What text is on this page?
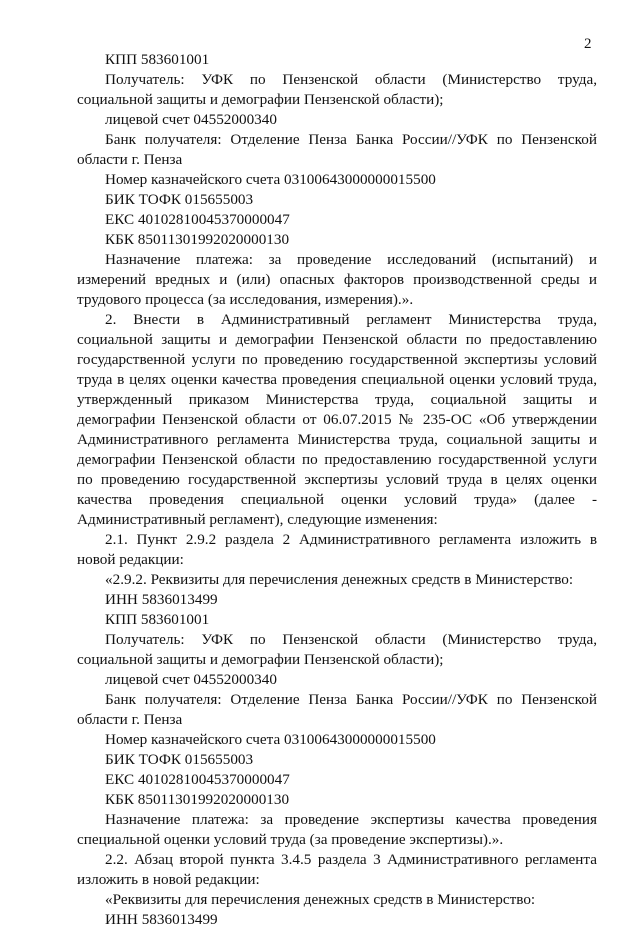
2

КПП 583601001

Получатель: УФК по Пензенской области (Министерство труда, социальной защиты и демографии Пензенской области);

лицевой счет 04552000340

Банк получателя: Отделение Пенза Банка России//УФК по Пензенской области г. Пенза

Номер казначейского счета 03100643000000015500

БИК ТОФК 015655003

ЕКС 40102810045370000047

КБК 85011301992020000130

Назначение платежа: за проведение исследований (испытаний) и измерений вредных и (или) опасных факторов производственной среды и трудового процесса (за исследования, измерения).».

2. Внести в Административный регламент Министерства труда, социальной защиты и демографии Пензенской области по предоставлению государственной услуги по проведению государственной экспертизы условий труда в целях оценки качества проведения специальной оценки условий труда, утвержденный приказом Министерства труда, социальной защиты и демографии Пензенской области от 06.07.2015 № 235-ОС «Об утверждении Административного регламента Министерства труда, социальной защиты и демографии Пензенской области по предоставлению государственной услуги по проведению государственной экспертизы условий труда в целях оценки качества проведения специальной оценки условий труда» (далее - Административный регламент), следующие изменения:

2.1. Пункт 2.9.2 раздела 2 Административного регламента изложить в новой редакции:

«2.9.2. Реквизиты для перечисления денежных средств в Министерство:

ИНН 5836013499

КПП 583601001

Получатель: УФК по Пензенской области (Министерство труда, социальной защиты и демографии Пензенской области);

лицевой счет 04552000340

Банк получателя: Отделение Пенза Банка России//УФК по Пензенской области г. Пенза

Номер казначейского счета 03100643000000015500

БИК ТОФК 015655003

ЕКС 40102810045370000047

КБК 85011301992020000130

Назначение платежа: за проведение экспертизы качества проведения специальной оценки условий труда (за проведение экспертизы).».

2.2. Абзац второй пункта 3.4.5 раздела 3 Административного регламента изложить в новой редакции:

«Реквизиты для перечисления денежных средств в Министерство:

ИНН 5836013499
